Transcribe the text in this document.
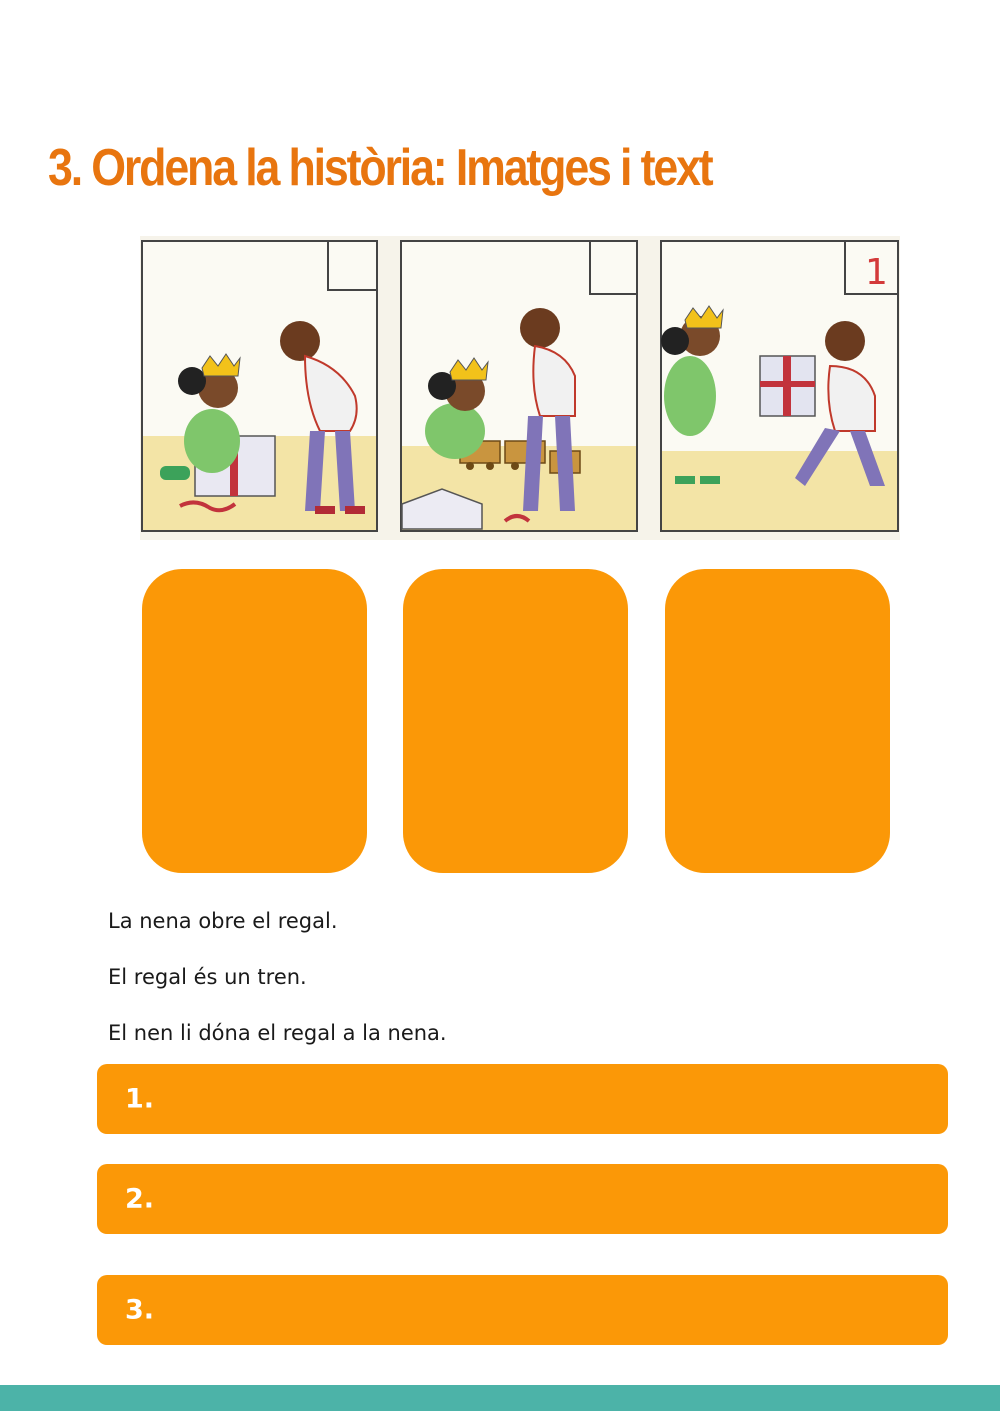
3. Ordena la història: Imatges i text
1
La nena obre el regal.
El regal és un tren.
El nen li dóna el regal a la nena.
1.
2.
3.
